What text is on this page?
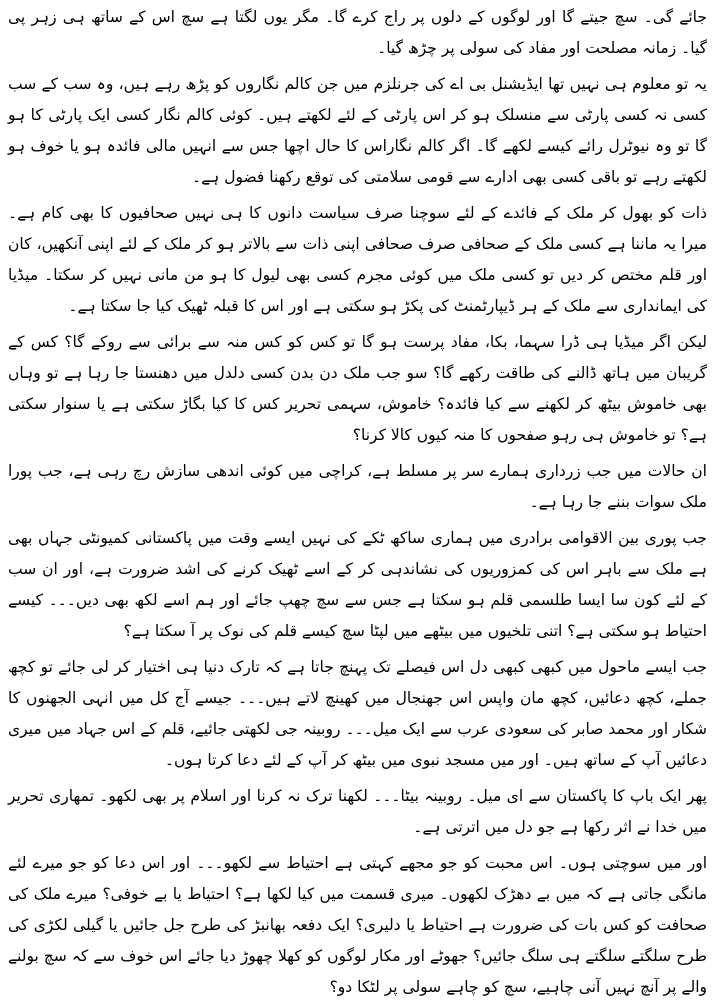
جائے گی۔ سچ جیتے گا اور لوگوں کے دلوں پر راج کرے گا۔ مگر یوں لگتا ہے سچ اس کے ساتھ ہی زہر پی گیا۔ زمانہ مصلحت اور مفاد کی سولی پر چڑھ گیا۔

یہ تو معلوم ہی نہیں تھا ایڈیشنل بی اے کی جرنلزم میں جن کالم نگاروں کو پڑھ رہے ہیں، وہ سب کے سب کسی نہ کسی پارٹی سے منسلک ہو کر اس پارٹی کے لئے لکھتے ہیں۔ کوئی کالم نگار کسی ایک پارٹی کا ہو گا تو وہ نیوٹرل رائے کیسے لکھے گا۔ اگر کالم نگاراس کا حال اچھا جس سے انہیں مالی فائدہ ہو یا خوف ہو لکھتے رہے تو باقی کسی بھی ادارے سے قومی سلامتی کی توقع رکھنا فضول ہے۔

ذات کو بھول کر ملک کے فائدے کے لئے سوچنا صرف سیاست دانوں کا ہی نہیں صحافیوں کا بھی کام ہے۔ میرا یہ ماننا ہے کسی ملک کے صحافی صرف صحافی اپنی ذات سے بالاتر ہو کر ملک کے لئے اپنی آنکھیں، کان اور قلم مختص کر دیں تو کسی ملک میں کوئی مجرم کسی بھی لیول کا ہو من مانی نہیں کر سکتا۔ میڈیا کی ایمانداری سے ملک کے ہر ڈیپارٹمنٹ کی پکڑ ہو سکتی ہے اور اس کا قبلہ ٹھیک کیا جا سکتا ہے۔

لیکن اگر میڈیا ہی ڈرا سہما، بکا، مفاد پرست ہو گا تو کس کو کس منہ سے برائی سے روکے گا؟ کس کے گریبان میں ہاتھ ڈالنے کی طاقت رکھے گا؟ سو جب ملک دن بدن کسی دلدل میں دھنستا جا رہا ہے تو وہاں بھی خاموش بیٹھ کر لکھنے سے کیا فائدہ؟ خاموش، سہمی تحریر کس کا کیا بگاڑ سکتی ہے یا سنوار سکتی ہے؟ تو خاموش ہی رہو صفحوں کا منہ کیوں کالا کرنا؟

ان حالات میں جب زرداری ہمارے سر پر مسلط ہے، کراچی میں کوئی اندھی سازش رچ رہی ہے، جب پورا ملک سوات بننے جا رہا ہے۔

جب پوری بین الاقوامی برادری میں ہماری ساکھ ٹکے کی نہیں ایسے وقت میں پاکستانی کمیونٹی جہاں بھی ہے ملک سے باہر اس کی کمزوریوں کی نشاندہی کر کے اسے ٹھیک کرنے کی اشد ضرورت ہے، اور ان سب کے لئے کون سا ایسا طلسمی قلم ہو سکتا ہے جس سے سچ چھپ جائے اور ہم اسے لکھ بھی دیں۔۔۔ کیسے احتیاط ہو سکتی ہے؟ اتنی تلخیوں میں بیٹھے میں لپٹا سچ کیسے قلم کی نوک پر آ سکتا ہے؟

جب ایسے ماحول میں کبھی کبھی دل اس فیصلے تک پہنچ جاتا ہے کہ تارک دنیا ہی اختیار کر لی جائے تو کچھ جملے، کچھ دعائیں، کچھ مان واپس اس جھنجال میں کھینچ لاتے ہیں۔۔۔ جیسے آج کل میں انہی الجھنوں کا شکار اور محمد صابر کی سعودی عرب سے ایک میل۔۔۔ روبینہ جی لکھتی جائیے، قلم کے اس جہاد میں میری دعائیں آپ کے ساتھ ہیں۔ اور میں مسجد نبوی میں بیٹھ کر آپ کے لئے دعا کرتا ہوں۔

پھر ایک باپ کا پاکستان سے ای میل۔ روبینہ بیٹا۔۔۔ لکھنا ترک نہ کرنا اور اسلام پر بھی لکھو۔ تمھاری تحریر میں خدا نے اثر رکھا ہے جو دل میں اترتی ہے۔

اور میں سوچتی ہوں۔ اس محبت کو جو مجھے کہتی ہے احتیاط سے لکھو۔۔۔ اور اس دعا کو جو میرے لئے مانگی جاتی ہے کہ میں بے دھڑک لکھوں۔ میری قسمت میں کیا لکھا ہے؟ احتیاط یا بے خوفی؟ میرے ملک کی صحافت کو کس بات کی ضرورت ہے احتیاط یا دلیری؟ ایک دفعہ بھانبڑ کی طرح جل جائیں یا گیلی لکڑی کی طرح سلگتے سلگتے ہی سلگ جائیں؟ جھوٹے اور مکار لوگوں کو کھلا چھوڑ دیا جائے اس خوف سے کہ سچ بولنے والے پر آنچ نہیں آنی چاہیے، سچ کو چاہے سولی پر لٹکا دو؟
